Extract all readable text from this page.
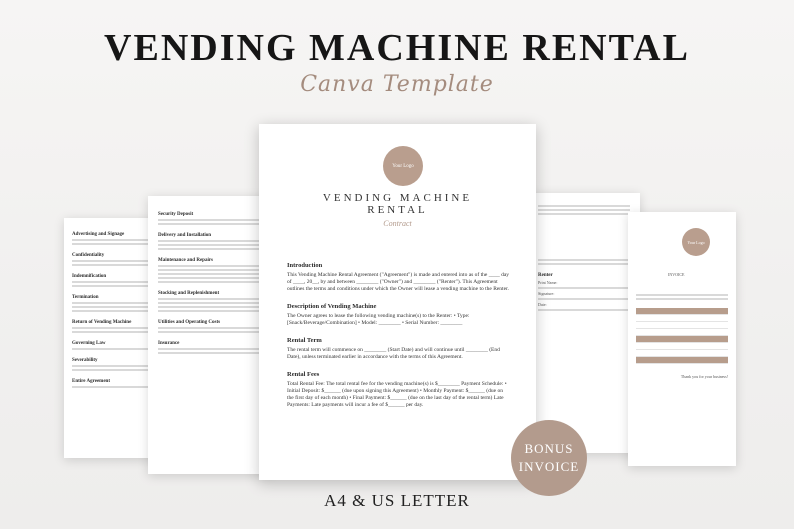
VENDING MACHINE RENTAL
Canva Template
Advertising and Signage
Confidentiality
Indemnification
Termination
Return of Vending Machine
Governing Law
Severability
Entire Agreement
Security Deposit
Delivery and Installation
Maintenance and Repairs
Stocking and Replenishment
Utilities and Operating Costs
Insurance
Renter
Print Name:
Signature:
Date:
Your Logo
INVOICE
Thank you for your business!
Your Logo
VENDING MACHINE
RENTAL
Contract
Introduction
This Vending Machine Rental Agreement ("Agreement") is made and entered into as of the ____ day of ____, 20__, by and between ________ ("Owner") and ________ ("Renter"). This Agreement outlines the terms and conditions under which the Owner will lease a vending machine to the Renter.
Description of Vending Machine
The Owner agrees to lease the following vending machine(s) to the Renter: • Type: [Snack/Beverage/Combination] • Model: ________ • Serial Number: ________
Rental Term
The rental term will commence on ________ (Start Date) and will continue until ________ (End Date), unless terminated earlier in accordance with the terms of this Agreement.
Rental Fees
Total Rental Fee: The total rental fee for the vending machine(s) is $________ Payment Schedule: • Initial Deposit: $______ (due upon signing this Agreement) • Monthly Payment: $______ (due on the first day of each month) • Final Payment: $______ (due on the last day of the rental term) Late Payments: Late payments will incur a fee of $______ per day.
BONUS
INVOICE
A4 & US LETTER
